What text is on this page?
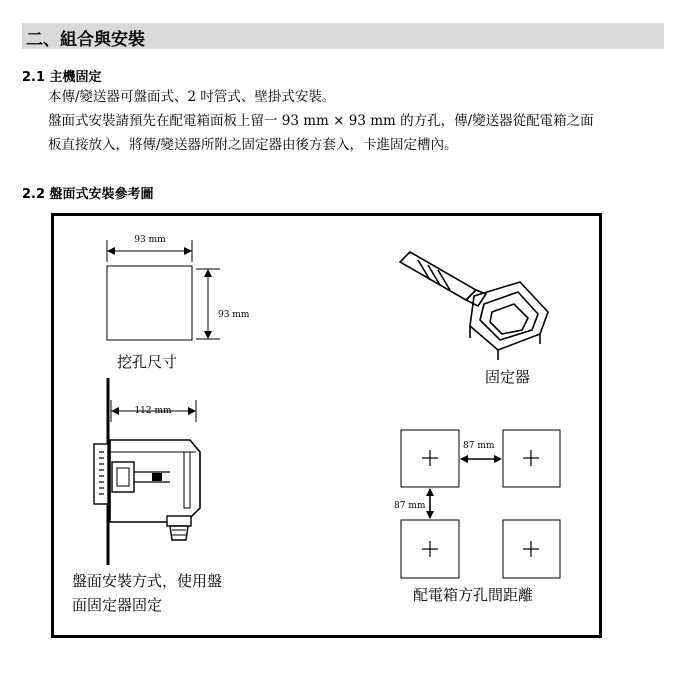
二、組合與安裝
2.1 主機固定
本傳/變送器可盤面式、2 吋管式、壁掛式安裝。
盤面式安裝請預先在配電箱面板上留一 93 mm × 93 mm 的方孔，傳/變送器從配電箱之面
板直接放入，將傳/變送器所附之固定器由後方套入，卡進固定槽內。
2.2 盤面式安裝參考圖
93 mm
93 mm
112 mm
87 mm
87 mm
挖孔尺寸
固定器
盤面安裝方式，使用盤
面固定器固定
配電箱方孔間距離
